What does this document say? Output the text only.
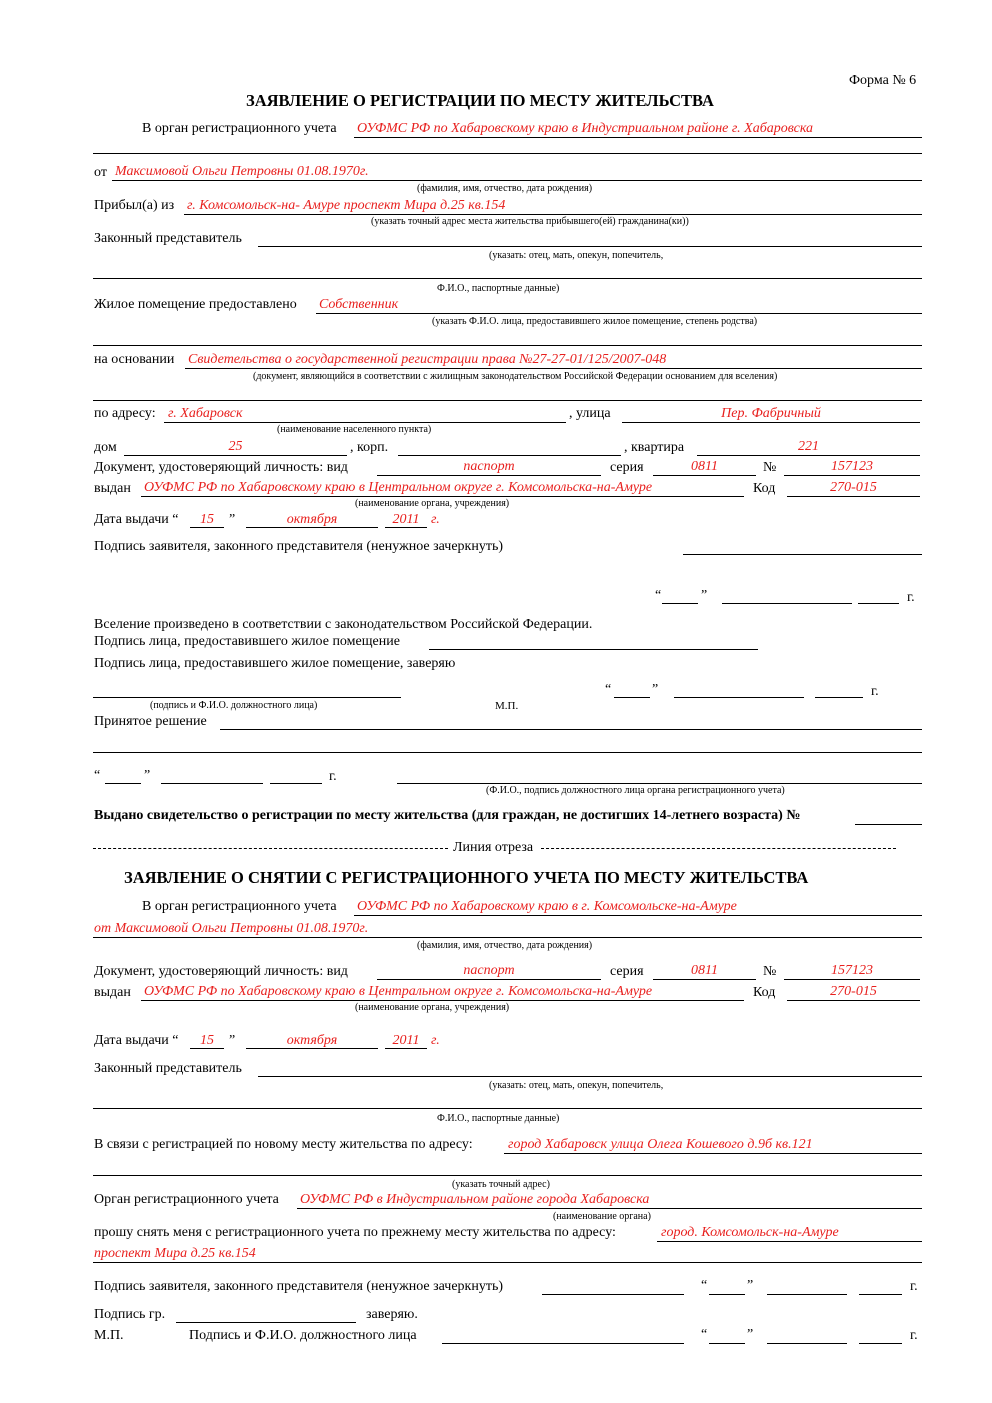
Форма № 6
ЗАЯВЛЕНИЕ О РЕГИСТРАЦИИ ПО МЕСТУ ЖИТЕЛЬСТВА
В орган регистрационного учета ОУФМС РФ по Хабаровскому краю в Индустриальном районе г. Хабаровска
от Максимовой Ольги Петровны 01.08.1970г.
(фамилия, имя, отчество, дата рождения)
Прибыл(а) из г. Комсомольск-на- Амуре проспект Мира д.25 кв.154
(указать точный адрес места жительства прибывшего(ей) гражданина(ки))
Законный представитель
(указать: отец, мать, опекун, попечитель,
Ф.И.О., паспортные данные)
Жилое помещение предоставлено Собственник
(указать Ф.И.О. лица, предоставившего жилое помещение, степень родства)
на основании Свидетельства о государственной регистрации права №27-27-01/125/2007-048
(документ, являющийся в соответствии с жилищным законодательством Российской Федерации основанием для вселения)
по адресу: г. Хабаровск	, улица	Пер. Фабричный
(наименование населенного пункта)
дом	25	, корп.	, квартира	221
Документ, удостоверяющий личность: вид	паспорт	серия	0811	№	157123
выдан ОУФМС РФ по Хабаровскому краю в Центральном округе г. Комсомольска-на-Амуре	Код	270-015
(наименование органа, учреждения)
Дата выдачи “	15	”	октября	2011 г.
Подпись заявителя, законного представителя (ненужное зачеркнуть)
“	”	г.
Вселение произведено в соответствии с законодательством Российской Федерации.
Подпись лица, предоставившего жилое помещение
Подпись лица, предоставившего жилое помещение, заверяю
“	”	г.
(подпись и Ф.И.О. должностного лица)	М.П.
Принятое решение
“	”	г.
(Ф.И.О., подпись должностного лица органа регистрационного учета)
Выдано свидетельство о регистрации по месту жительства (для граждан, не достигших 14-летнего возраста) №
Линия отреза
ЗАЯВЛЕНИЕ О СНЯТИИ С РЕГИСТРАЦИОННОГО УЧЕТА ПО МЕСТУ ЖИТЕЛЬСТВА
В орган регистрационного учета ОУФМС РФ по Хабаровскому краю в г. Комсомольске-на-Амуре
от Максимовой Ольги Петровны 01.08.1970г.
(фамилия, имя, отчество, дата рождения)
Документ, удостоверяющий личность: вид	паспорт	серия	0811	№	157123
выдан ОУФМС РФ по Хабаровскому краю в Центральном округе г. Комсомольска-на-Амуре	Код	270-015
(наименование органа, учреждения)
Дата выдачи “	15	”	октября	2011 г.
Законный представитель
(указать: отец, мать, опекун, попечитель,
Ф.И.О., паспортные данные)
В связи с регистрацией по новому месту жительства по адресу:	город Хабаровск улица Олега Кошевого д.9б кв.121
(указать точный адрес)
Орган регистрационного учета ОУФМС РФ в Индустриальном районе города Хабаровска
(наименование органа)
прошу снять меня с регистрационного учета по прежнему месту жительства по адресу:	город. Комсомольск-на-Амуре
проспект Мира д.25 кв.154
Подпись заявителя, законного представителя (ненужное зачеркнуть)	“	”	г.
Подпись гр.	заверяю.
М.П.	Подпись и Ф.И.О. должностного лица	“	”	г.
